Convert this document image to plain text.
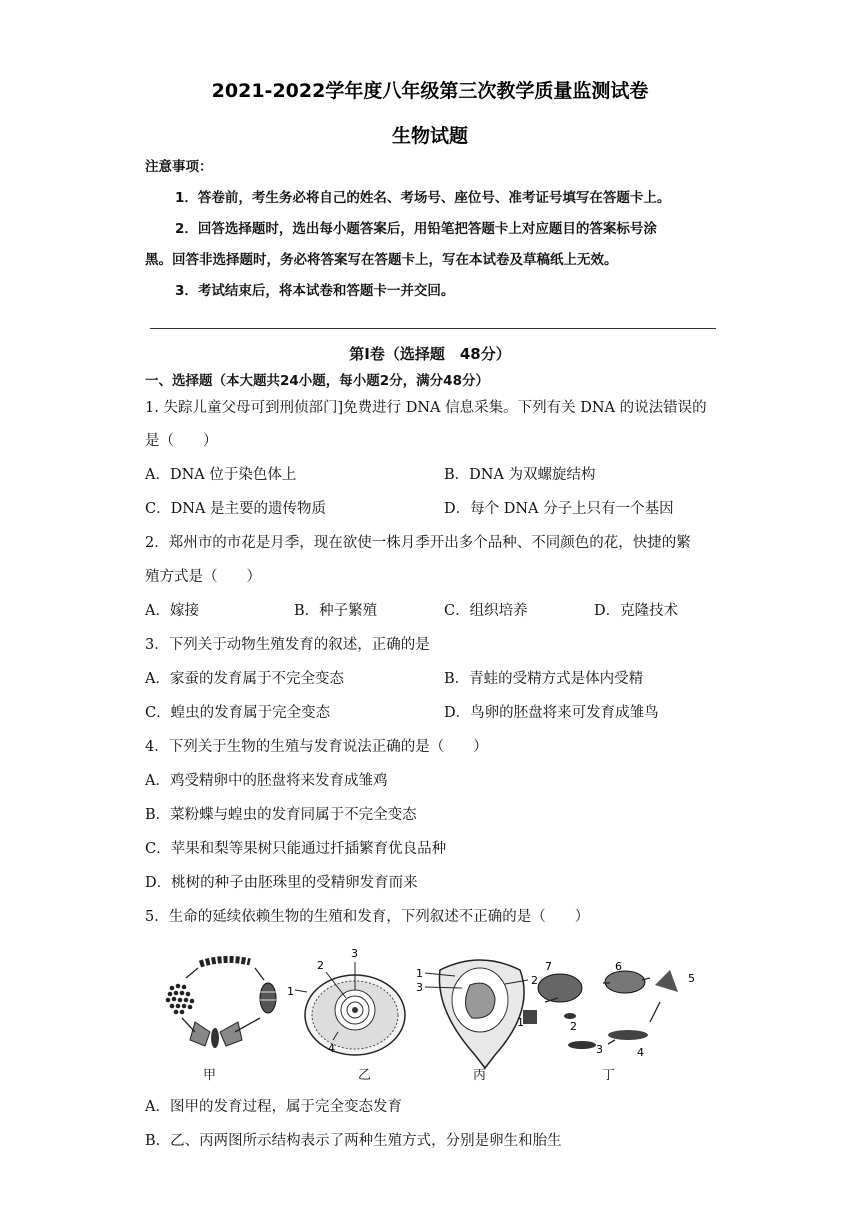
2021-2022学年度八年级第三次教学质量监测试卷
生物试题
注意事项：
1．答卷前，考生务必将自己的姓名、考场号、座位号、准考证号填写在答题卡上。
2．回答选择题时，选出每小题答案后，用铅笔把答题卡上对应题目的答案标号涂
黑。回答非选择题时，务必将答案写在答题卡上，写在本试卷及草稿纸上无效。
3．考试结束后，将本试卷和答题卡一并交回。
第Ⅰ卷（选择题　48分）
一、选择题（本大题共24小题，每小题2分，满分48分）
1. 失踪儿童父母可到刑侦部门]免费进行 DNA 信息采集。下列有关 DNA 的说法错误的
是（　　）
A．DNA 位于染色体上	B．DNA 为双螺旋结构
C．DNA 是主要的遗传物质	D．每个 DNA 分子上只有一个基因
2．郑州市的市花是月季，现在欲使一株月季开出多个品种、不同颜色的花，快捷的繁
殖方式是（　　）
A．嫁接	B．种子繁殖	C．组织培养	D．克隆技术
3．下列关于动物生殖发育的叙述，正确的是
A．家蚕的发育属于不完全变态	B．青蛙的受精方式是体内受精
C．蝗虫的发育属于完全变态	D．鸟卵的胚盘将来可发育成雏鸟
4．下列关于生物的生殖与发育说法正确的是（　　）
A．鸡受精卵中的胚盘将来发育成雏鸡
B．菜粉蝶与蝗虫的发育同属于不完全变态
C．苹果和梨等果树只能通过扦插繁育优良品种
D．桃树的种子由胚珠里的受精卵发育而来
5．生命的延续依赖生物的生殖和发育，下列叙述不正确的是（　　）
3
2
1
4
1
3
2
7	6
5
1	2
3	4
甲	乙	丙	丁
A．图甲的发育过程，属于完全变态发育
B．乙、丙两图所示结构表示了两种生殖方式，分别是卵生和胎生
